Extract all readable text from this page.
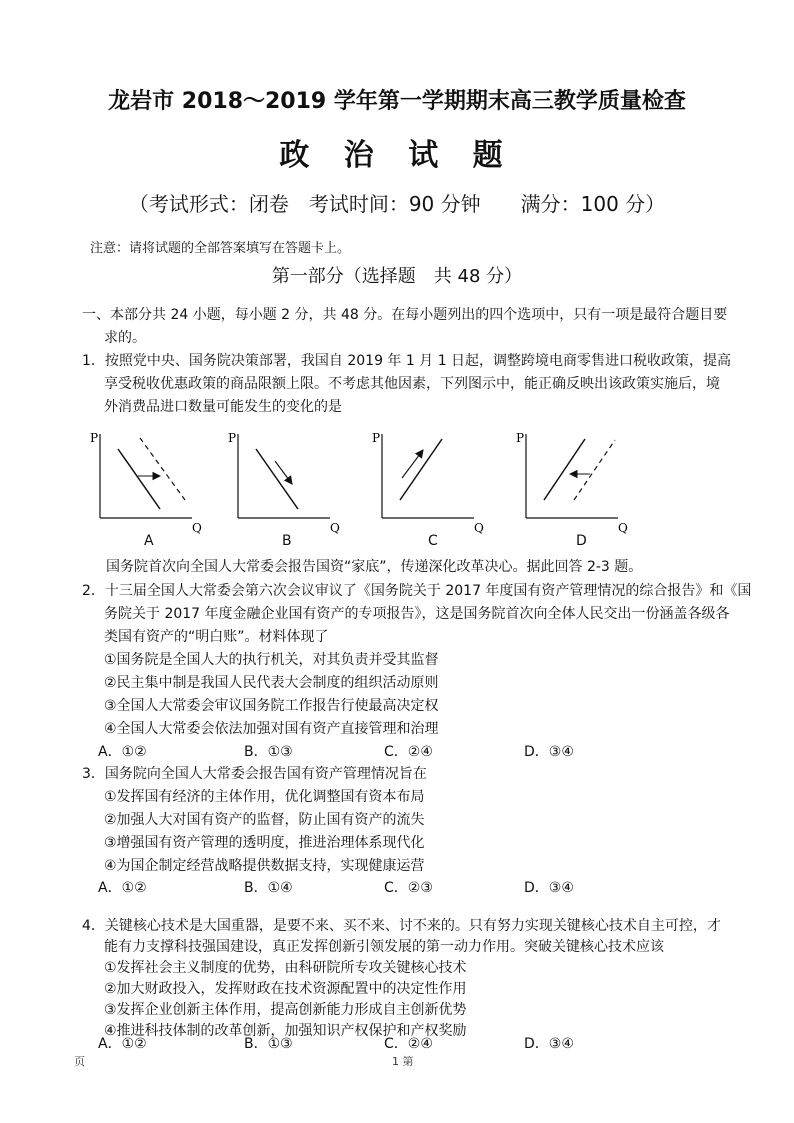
龙岩市 2018～2019 学年第一学期期末高三教学质量检查
政 治 试 题
（考试形式：闭卷　考试时间：90 分钟　　满分：100 分）
注意：请将试题的全部答案填写在答题卡上。
第一部分（选择题　共 48 分）
一、本部分共 24 小题，每小题 2 分，共 48 分。在每小题列出的四个选项中，只有一项是最符合题目要
求的。
1．按照党中央、国务院决策部署，我国自 2019 年 1 月 1 日起，调整跨境电商零售进口税收政策，提高
享受税收优惠政策的商品限额上限。不考虑其他因素，下列图示中，能正确反映出该政策实施后，境
外消费品进口数量可能发生的变化的是
P
Q
P
Q
P
Q
P
Q
A	B	C	D
国务院首次向全国人大常委会报告国资“家底”，传递深化改革决心。据此回答 2-3 题。
2．十三届全国人大常委会第六次会议审议了《国务院关于 2017 年度国有资产管理情况的综合报告》和《国
务院关于 2017 年度金融企业国有资产的专项报告》，这是国务院首次向全体人民交出一份涵盖各级各
类国有资产的“明白账”。材料体现了
①国务院是全国人大的执行机关，对其负责并受其监督
②民主集中制是我国人民代表大会制度的组织活动原则
③全国人大常委会审议国务院工作报告行使最高决定权
④全国人大常委会依法加强对国有资产直接管理和治理
A．①②	B．①③	C．②④	D．③④
3．国务院向全国人大常委会报告国有资产管理情况旨在
①发挥国有经济的主体作用，优化调整国有资本布局
②加强人大对国有资产的监督，防止国有资产的流失
③增强国有资产管理的透明度，推进治理体系现代化
④为国企制定经营战略提供数据支持，实现健康运营
A．①②	B．①④	C．②③	D．③④
4．关键核心技术是大国重器，是要不来、买不来、讨不来的。只有努力实现关键核心技术自主可控，才
能有力支撑科技强国建设，真正发挥创新引领发展的第一动力作用。突破关键核心技术应该
①发挥社会主义制度的优势，由科研院所专攻关键核心技术
②加大财政投入，发挥财政在技术资源配置中的决定性作用
③发挥企业创新主体作用，提高创新能力形成自主创新优势
④推进科技体制的改革创新，加强知识产权保护和产权奖励
A．①②	B．①③	C．②④	D．③④
页	1 第
